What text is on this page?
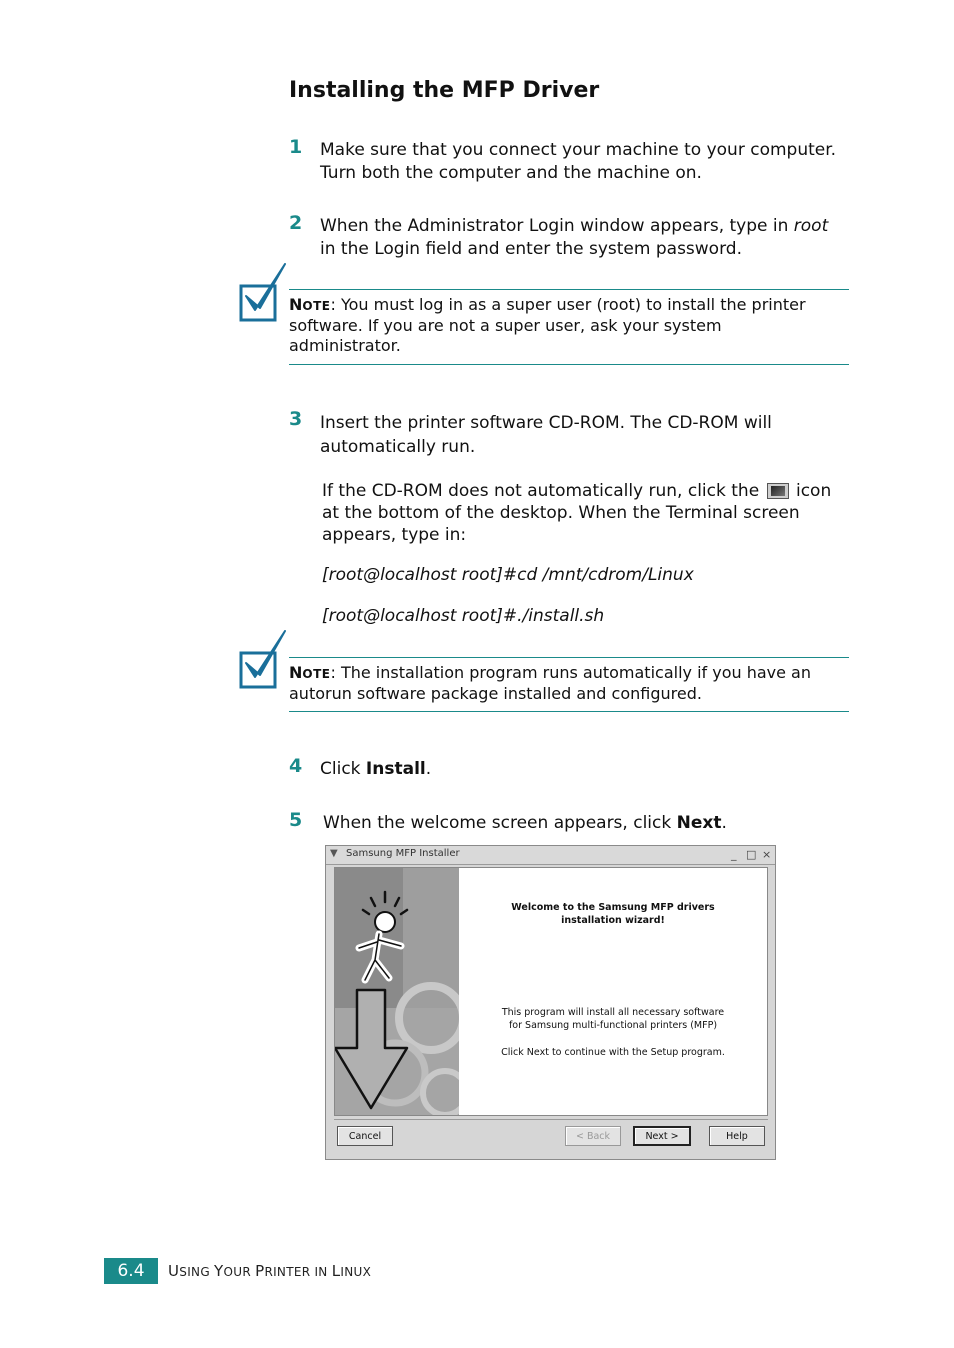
Installing the MFP Driver
1 Make sure that you connect your machine to your computer.
Turn both the computer and the machine on.
2 When the Administrator Login window appears, type in root
in the Login field and enter the system password.
NOTE: You must log in as a super user (root) to install the printer
software. If you are not a super user, ask your system
administrator.
3 Insert the printer software CD-ROM. The CD-ROM will
automatically run.
If the CD-ROM does not automatically run, click the icon
at the bottom of the desktop. When the Terminal screen
appears, type in:
[root@localhost root]#cd /mnt/cdrom/Linux
[root@localhost root]#./install.sh
NOTE: The installation program runs automatically if you have an
autorun software package installed and configured.
4 Click Install.
5 When the welcome screen appears, click Next.
▼ Samsung MFP Installer	_ □ ×
Welcome to the Samsung MFP drivers
installation wizard!
This program will install all necessary software
for Samsung multi-functional printers (MFP)
Click Next to continue with the Setup program.
Cancel	< Back	Next >	Help
6.4	USING YOUR PRINTER IN LINUX
